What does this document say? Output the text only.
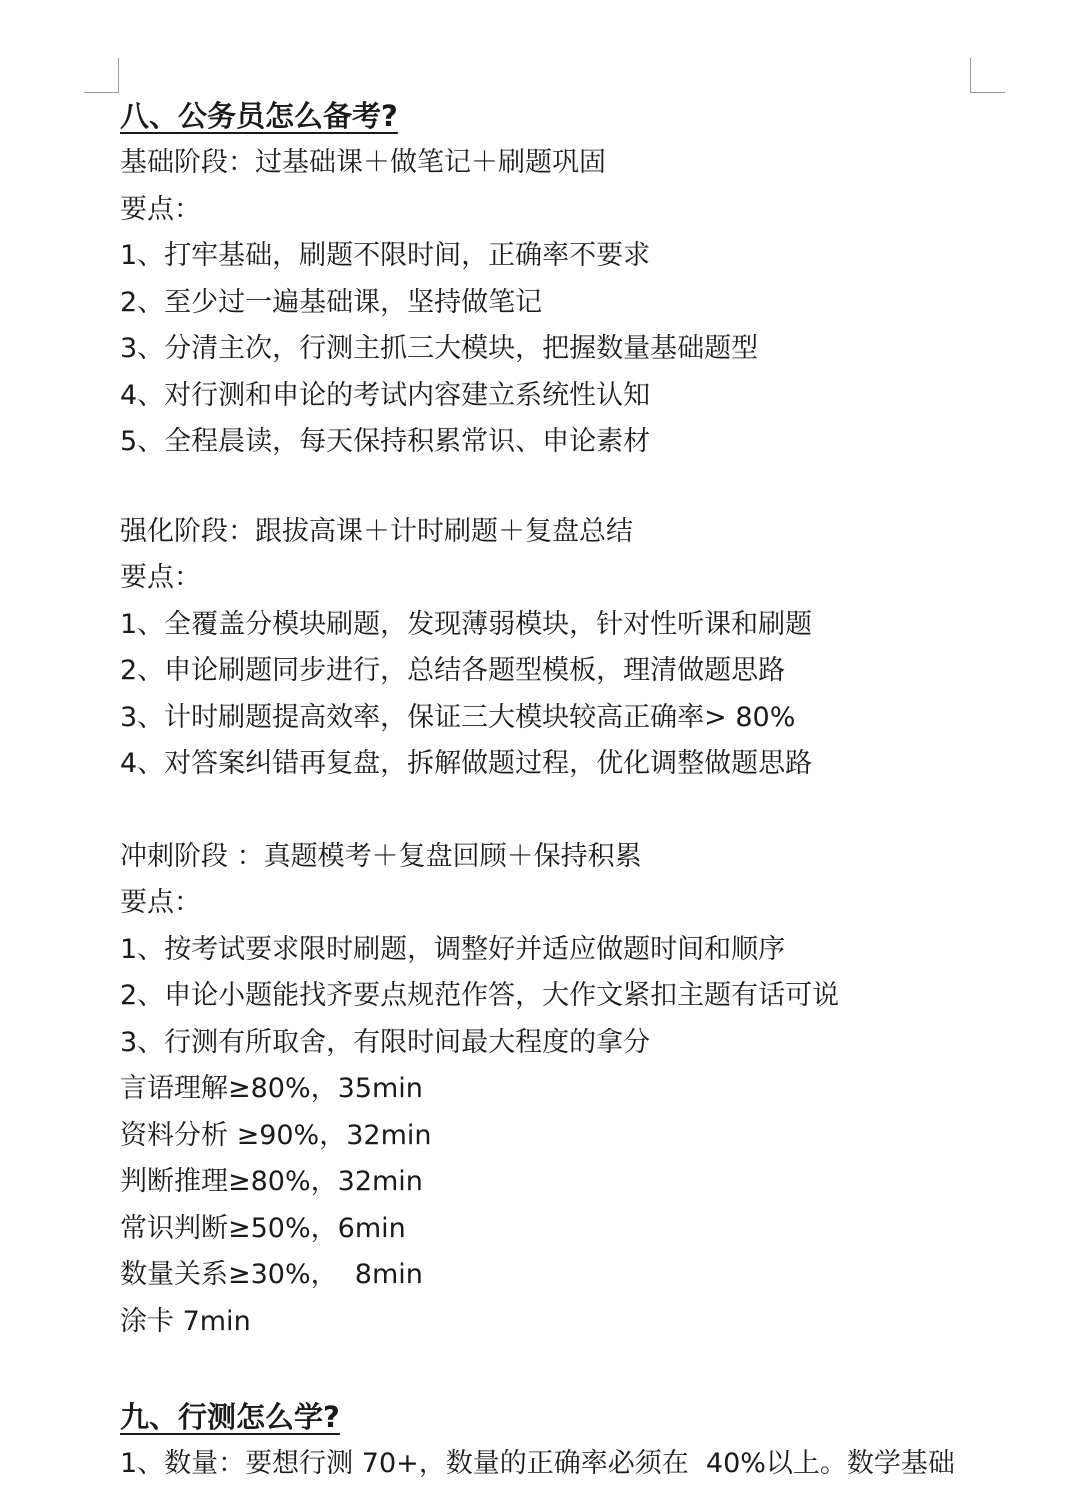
八、公务员怎么备考?
基础阶段：过基础课＋做笔记＋刷题巩固
要点：
1、打牢基础，刷题不限时间，正确率不要求
2、至少过一遍基础课，坚持做笔记
3、分清主次，行测主抓三大模块，把握数量基础题型
4、对行测和申论的考试内容建立系统性认知
5、全程晨读，每天保持积累常识、申论素材
强化阶段：跟拔高课＋计时刷题＋复盘总结
要点：
1、全覆盖分模块刷题，发现薄弱模块，针对性听课和刷题
2、申论刷题同步进行，总结各题型模板，理清做题思路
3、计时刷题提高效率，保证三大模块较高正确率> 80%
4、对答案纠错再复盘，拆解做题过程，优化调整做题思路
冲刺阶段 ：真题模考＋复盘回顾＋保持积累
要点：
1、按考试要求限时刷题，调整好并适应做题时间和顺序
2、申论小题能找齐要点规范作答，大作文紧扣主题有话可说
3、行测有所取舍，有限时间最大程度的拿分
言语理解≥80%，35min
资料分析 ≥90%，32min
判断推理≥80%，32min
常识判断≥50%，6min
数量关系≥30%，  8min
涂卡 7min
九、行测怎么学?
1、数量：要想行测 70+，数量的正确率必须在  40%以上。数学基础
